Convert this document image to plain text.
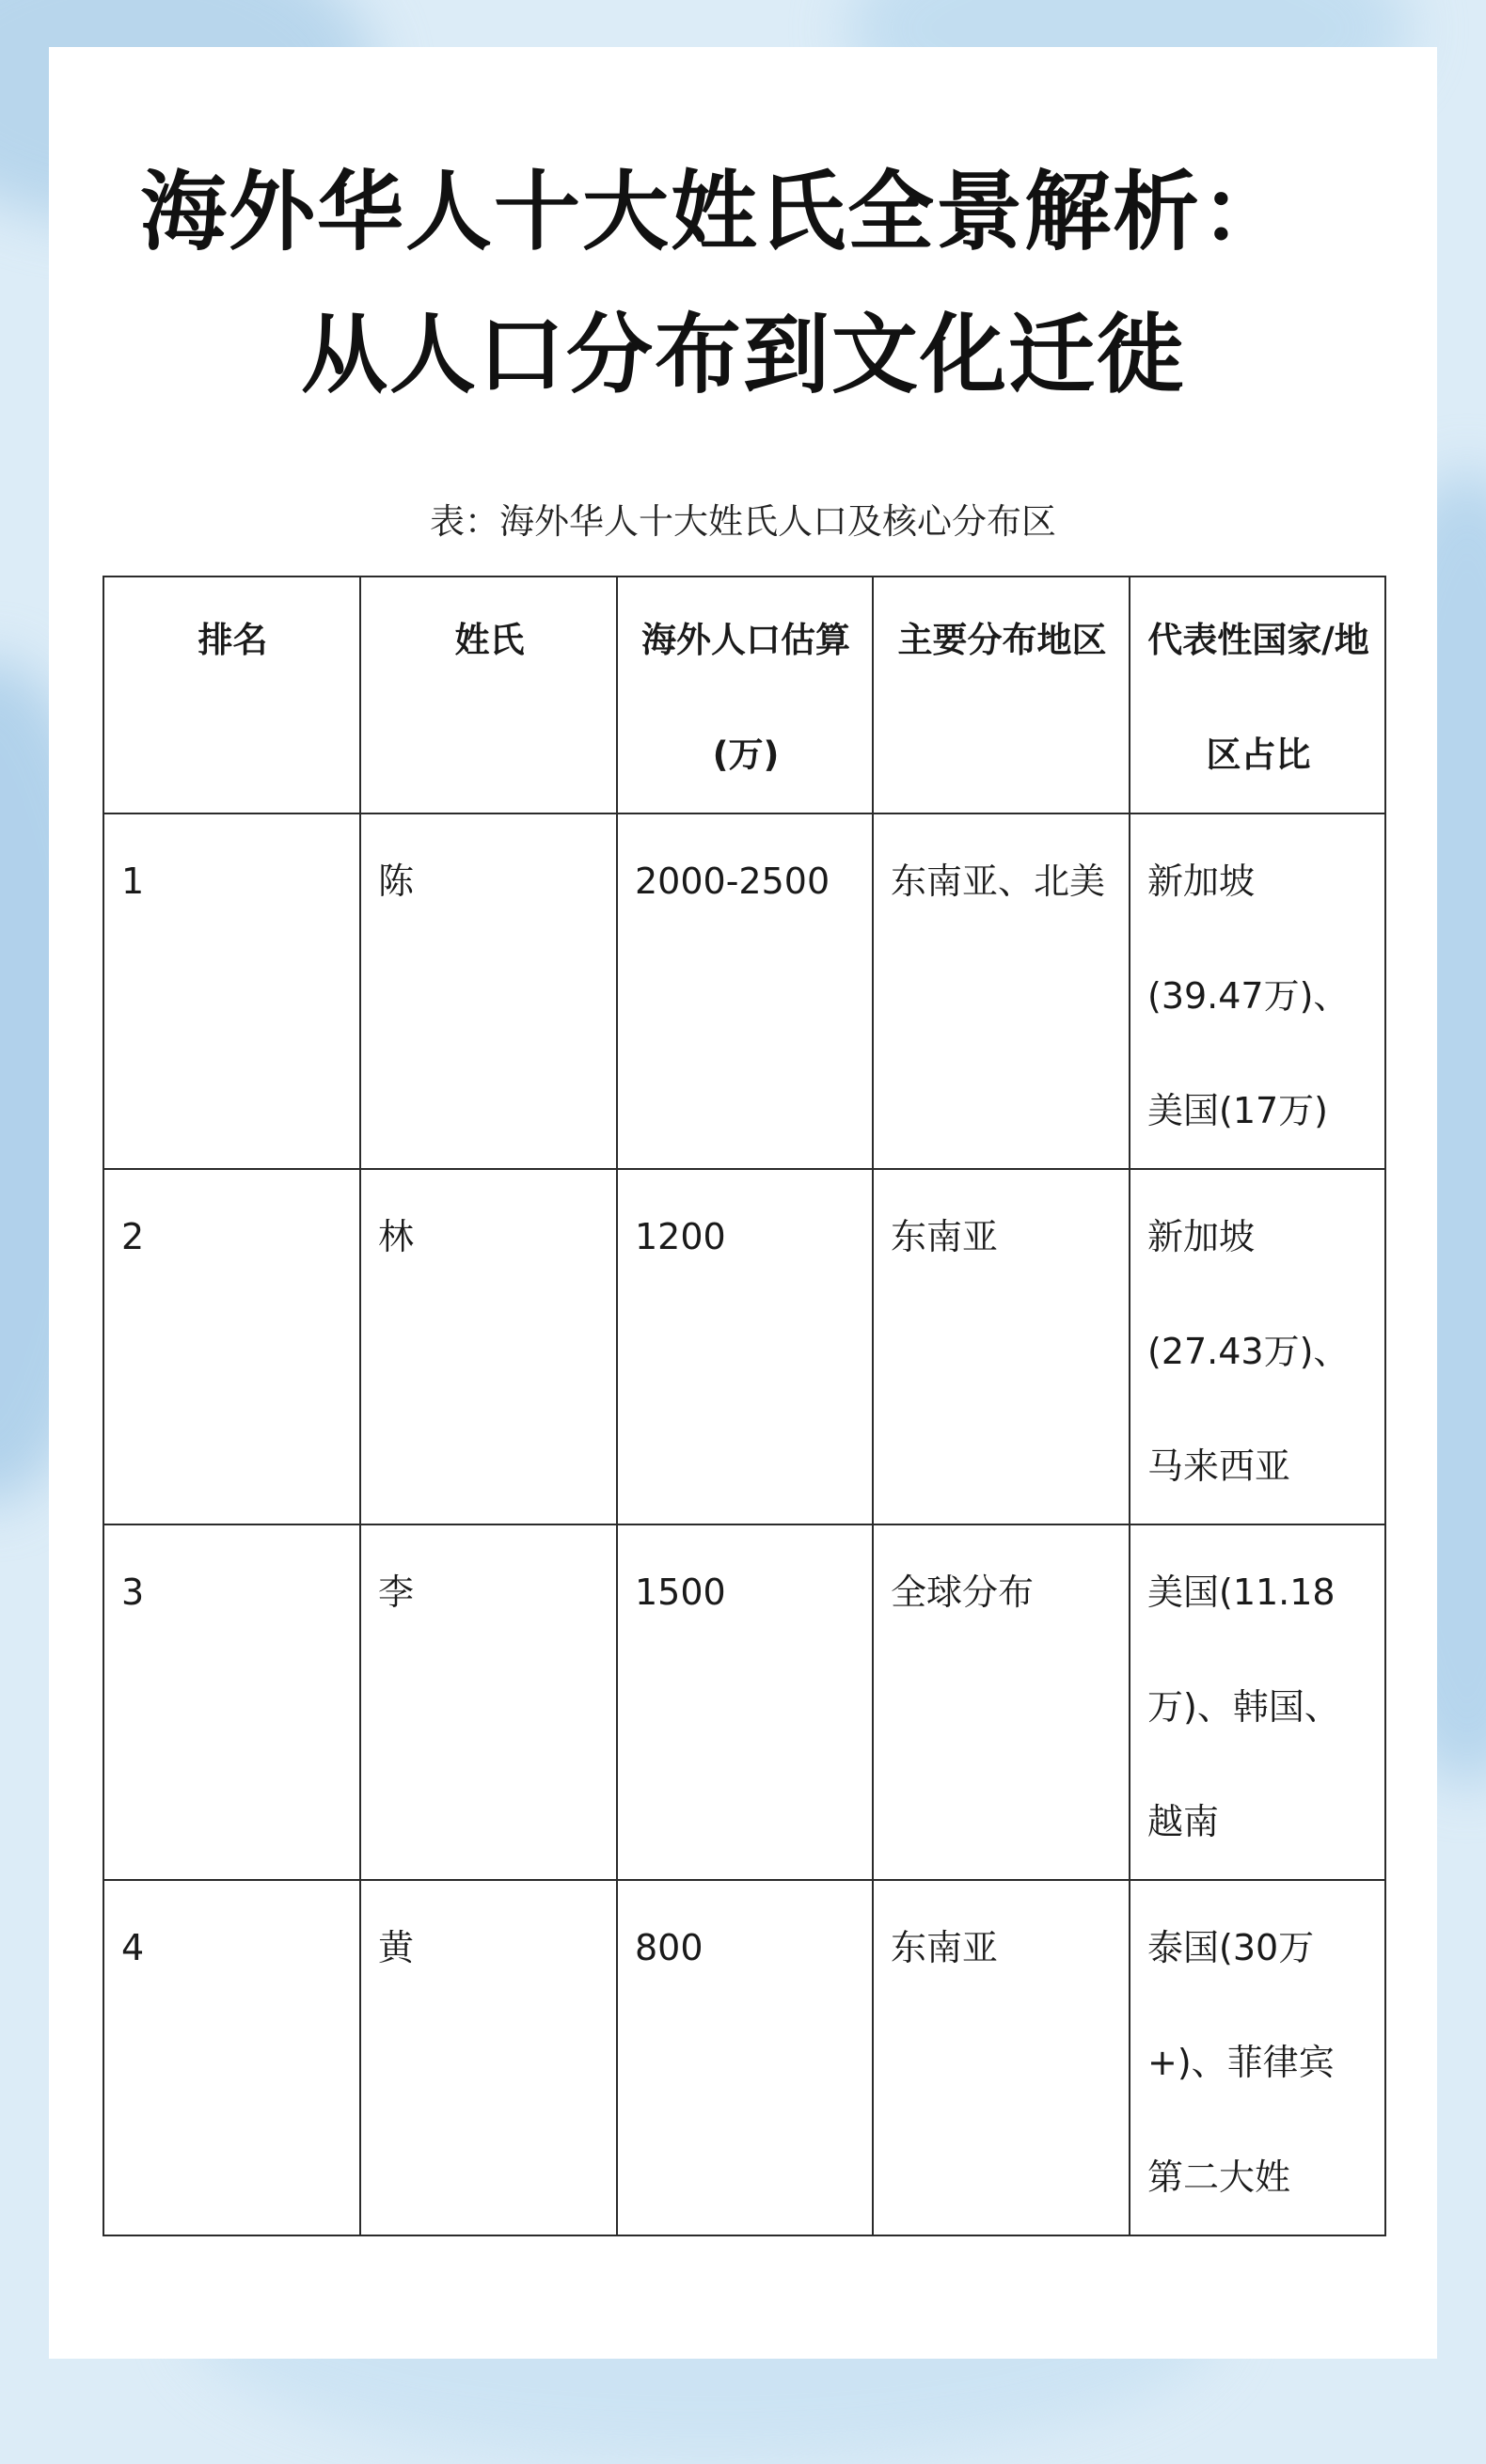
海外华人十大姓氏全景解析：
从人口分布到文化迁徙
表：海外华人十大姓氏人口及核心分布区
排名	姓氏	海外人口估算(万)	主要分布地区	代表性国家/地区占比
1	陈	2000-2500	东南亚、北美	新加坡(39.47万)、美国(17万)
2	林	1200	东南亚	新加坡(27.43万)、马来西亚
3	李	1500	全球分布	美国(11.18万)、韩国、越南
4	黄	800	东南亚	泰国(30万+)、菲律宾第二大姓
